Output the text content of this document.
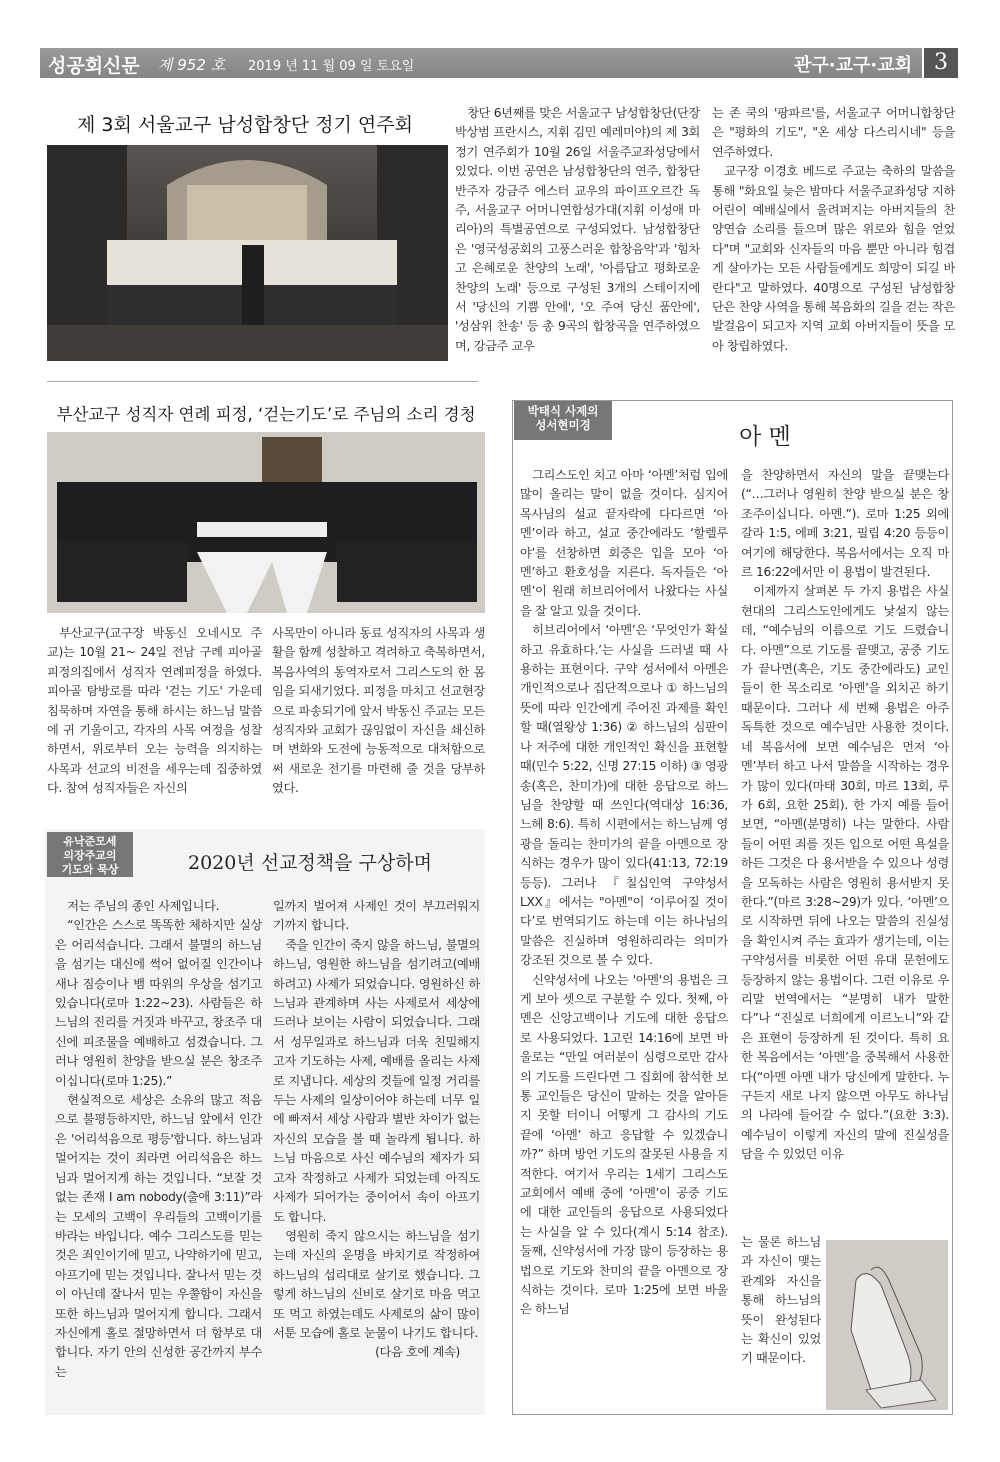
성공회신문 제 952 호 2019 년 11 월 09 일 토요일	관구·교구·교회	3
제 3회 서울교구 남성합창단 정기 연주회

창단 6년째를 맞은 서울교구 남성합창단(단장 박상범 프란시스, 지휘 김민 예레미야)의 제 3회 정기 연주회가 10월 26일 서울주교좌성당에서 있었다. 이번 공연은 남성합창단의 연주, 합창단 반주자 강금주 에스터 교우의 파이프오르간 독주, 서울교구 어머니연합성가대(지휘 이성애 마리아)의 특별공연으로 구성되었다. 남성합창단은 '영국성공회의 고풍스러운 합창음악'과 '힘차고 은혜로운 찬양의 노래', '아름답고 평화로운 찬양의 노래' 등으로 구성된 3개의 스테이지에서 '당신의 기쁨 안에', '오 주여 당신 품안에', '성삼위 찬송' 등 총 9곡의 합창곡을 연주하였으며, 강금주 교우

는 존 쿡의 '팡파르'를, 서울교구 어머니합창단은 "평화의 기도", "온 세상 다스리시네" 등을 연주하였다.

교구장 이경호 베드로 주교는 축하의 말씀을 통해 "화요일 늦은 밤마다 서울주교좌성당 지하 어린이 예배실에서 울려퍼지는 아버지들의 찬양연습 소리를 들으며 많은 위로와 힘을 얻었다"며 "교회와 신자들의 마음 뿐만 아니라 힘겹게 살아가는 모든 사람들에게도 희망이 되길 바란다"고 말하였다. 40명으로 구성된 남성합창단은 찬양 사역을 통해 복음화의 길을 걷는 작은 발걸음이 되고자 지역 교회 아버지들이 뜻을 모아 창립하였다.

부산교구 성직자 연례 피정, ‘걷는기도’로 주님의 소리 경청

부산교구(교구장 박동신 오네시모 주교)는 10월 21~ 24일 전남 구례 피아골 피정의집에서 성직자 연례피정을 하였다. 피아골 탐방로를 따라 '걷는 기도' 가운데 침묵하며 자연을 통해 하시는 하느님 말씀에 귀 기울이고, 각자의 사목 여정을 성찰하면서, 위로부터 오는 능력을 의지하는 사목과 선교의 비전을 세우는데 집중하였다. 참여 성직자들은 자신의

사목만이 아니라 동료 성직자의 사목과 생활을 함께 성찰하고 격려하고 축복하면서, 복음사역의 동역자로서 그리스도의 한 몸임을 되새기었다. 피정을 마치고 선교현장으로 파송되기에 앞서 박동신 주교는 모든 성직자와 교회가 끊임없이 자신을 쇄신하며 변화와 도전에 능동적으로 대처함으로써 새로운 전기를 마련해 줄 것을 당부하였다.

유낙준모세
의장주교의
기도와 묵상	2020년 선교정책을 구상하며

저는 주님의 종인 사제입니다.

“인간은 스스로 똑똑한 체하지만 실상은 어리석습니다. 그래서 불멸의 하느님을 섬기는 대신에 썩어 없어질 인간이나 새나 짐승이나 뱀 따위의 우상을 섬기고 있습니다(로마 1:22~23). 사람들은 하느님의 진리를 거짓과 바꾸고, 창조주 대신에 피조물을 예배하고 섬겼습니다. 그러나 영원히 찬양을 받으실 분은 창조주이십니다(로마 1:25).”

현실적으로 세상은 소유의 많고 적음으로 불평등하지만, 하느님 앞에서 인간은 '어리석음으로 평등'합니다. 하느님과 멀어지는 것이 죄라면 어리석음은 하느님과 멀어지게 하는 것입니다. “보잘 것 없는 존재 I am nobody(출애 3:11)”라는 모세의 고백이 우리들의 고백이기를 바라는 바입니다. 예수 그리스도를 믿는 것은 죄인이기에 믿고, 나약하기에 믿고, 아프기에 믿는 것입니다. 잘나서 믿는 것이 아닌데 잘나서 믿는 우쭐함이 자신을 또한 하느님과 멀어지게 합니다. 그래서 자신에게 홀로 절망하면서 더 함부로 대합니다. 자기 안의 신성한 공간까지 부수는

일까지 벌어져 사제인 것이 부끄러워지기까지 합니다.

죽을 인간이 죽지 않을 하느님, 불멸의 하느님, 영원한 하느님을 섬기려고(예배하려고) 사제가 되었습니다. 영원하신 하느님과 관계하며 사는 사제로서 세상에 드러나 보이는 사람이 되었습니다. 그래서 성무일과로 하느님과 더욱 친밀해지고자 기도하는 사제, 예배를 올리는 사제로 지냅니다. 세상의 것들에 일정 거리를 두는 사제의 일상이어야 하는데 너무 일에 빠져서 세상 사람과 별반 차이가 없는 자신의 모습을 볼 때 놀라게 됩니다. 하느님 마음으로 사신 예수님의 제자가 되고자 작정하고 사제가 되었는데 아직도 사제가 되어가는 중이어서 속이 아프기도 합니다.

영원히 죽지 않으시는 하느님을 섬기는데 자신의 운명을 바치기로 작정하여 하느님의 섭리대로 살기로 했습니다. 그렇게 하느님의 신비로 살기로 마음 먹고 또 먹고 하였는데도 사제로의 삶이 많이 서툰 모습에 홀로 눈물이 나기도 합니다.

(다음 호에 계속)

박태식 사제의
성서현미경	아 멘

그리스도인 치고 아마 ‘아멘’처럼 입에 많이 올리는 말이 없을 것이다. 심지어 목사님의 설교 끝자락에 다다르면 ‘아멘’이라 하고, 설교 중간에라도 ‘할렐루야’를 선창하면 회중은 입을 모아 ‘아멘’하고 환호성을 지른다. 독자들은 ‘아멘’이 원래 히브리어에서 나왔다는 사실을 잘 알고 있을 것이다.

히브리어에서 ‘아멘’은 ‘무엇인가 확실하고 유효하다.’는 사실을 드러낼 때 사용하는 표현이다. 구약 성서에서 아멘은 개인적으로나 집단적으로나 ① 하느님의 뜻에 따라 인간에게 주어진 과제를 확인할 때(열왕상 1:36) ② 하느님의 심판이나 저주에 대한 개인적인 확신을 표현할 때(민수 5:22, 신명 27:15 이하) ③ 영광송(혹은, 찬미가)에 대한 응답으로 하느님을 찬양할 때 쓰인다(역대상 16:36, 느헤 8:6). 특히 시편에서는 하느님께 영광을 돌리는 찬미가의 끝을 아멘으로 장식하는 경우가 많이 있다(41:13, 72:19 등등). 그러나 『칠십인역 구약성서 LXX』에서는 "아멘"이 ‘이루어질 것이다’로 번역되기도 하는데 이는 하나님의 말씀은 진실하며 영원하리라는 의미가 강조된 것으로 볼 수 있다.

신약성서에 나오는 '아멘'의 용법은 크게 보아 셋으로 구분할 수 있다. 첫째, 아멘은 신앙고백이나 기도에 대한 응답으로 사용되었다. 1고린 14:16에 보면 바울로는 “만일 여러분이 심령으로만 감사의 기도를 드린다면 그 집회에 참석한 보통 교인들은 당신이 말하는 것을 알아듣지 못할 터이니 어떻게 그 감사의 기도 끝에 ‘아멘’ 하고 응답할 수 있겠습니까?” 하며 방언 기도의 잘못된 사용을 지적한다. 여기서 우리는 1세기 그리스도교회에서 예배 중에 ‘아멘’이 공중 기도에 대한 교인들의 응답으로 사용되었다는 사실을 알 수 있다(계시 5:14 참조). 둘째, 신약성서에 가장 많이 등장하는 용법으로 기도와 찬미의 끝을 아멘으로 장식하는 것이다. 로마 1:25에 보면 바울은 하느님

을 찬양하면서 자신의 말을 끝맺는다(“…그러나 영원히 찬양 받으실 분은 창조주이십니다. 아멘.”). 로마 1:25 외에 갈라 1:5, 에페 3:21, 필립 4:20 등등이 여기에 해당한다. 복음서에서는 오직 마르 16:22에서만 이 용법이 발견된다.

이제까지 살펴본 두 가지 용법은 사실 현대의 그리스도인에게도 낯설지 않는데, “예수님의 이름으로 기도 드렸습니다. 아멘”으로 기도를 끝맺고, 공중 기도가 끝나면(혹은, 기도 중간에라도) 교인들이 한 목소리로 ‘아멘’을 외치곤 하기 때문이다. 그러나 세 번째 용법은 아주 독특한 것으로 예수님만 사용한 것이다. 네 복음서에 보면 예수님은 먼저 ‘아멘’부터 하고 나서 말씀을 시작하는 경우가 많이 있다(마태 30회, 마르 13회, 루가 6회, 요한 25회). 한 가지 예를 들어보면, “아멘(분명히) 나는 말한다. 사람들이 어떤 죄를 짓든 입으로 어떤 욕설을 하든 그것은 다 용서받을 수 있으나 성령을 모독하는 사람은 영원히 용서받지 못한다.”(마르 3:28~29)가 있다. ‘아멘’으로 시작하면 뒤에 나오는 말씀의 진실성을 확인시켜 주는 효과가 생기는데, 이는 구약성서를 비롯한 어떤 유대 문헌에도 등장하지 않는 용법이다. 그런 이유로 우리말 번역에서는 “분명히 내가 말한다”나 “진실로 너희에게 이르노니”와 같은 표현이 등장하게 된 것이다. 특히 요한 복음에서는 ‘아멘’을 중복해서 사용한다(“아멘 아멘 내가 당신에게 말한다. 누구든지 새로 나지 않으면 아무도 하나님의 나라에 들어갈 수 없다.”(요한 3:3). 예수님이 이렇게 자신의 말에 진실성을 담을 수 있었던 이유

는 물론 하느님과 자신이 맺는 관계와 자신을 통해 하느님의 뜻이 완성된다는 확신이 있었기 때문이다.
